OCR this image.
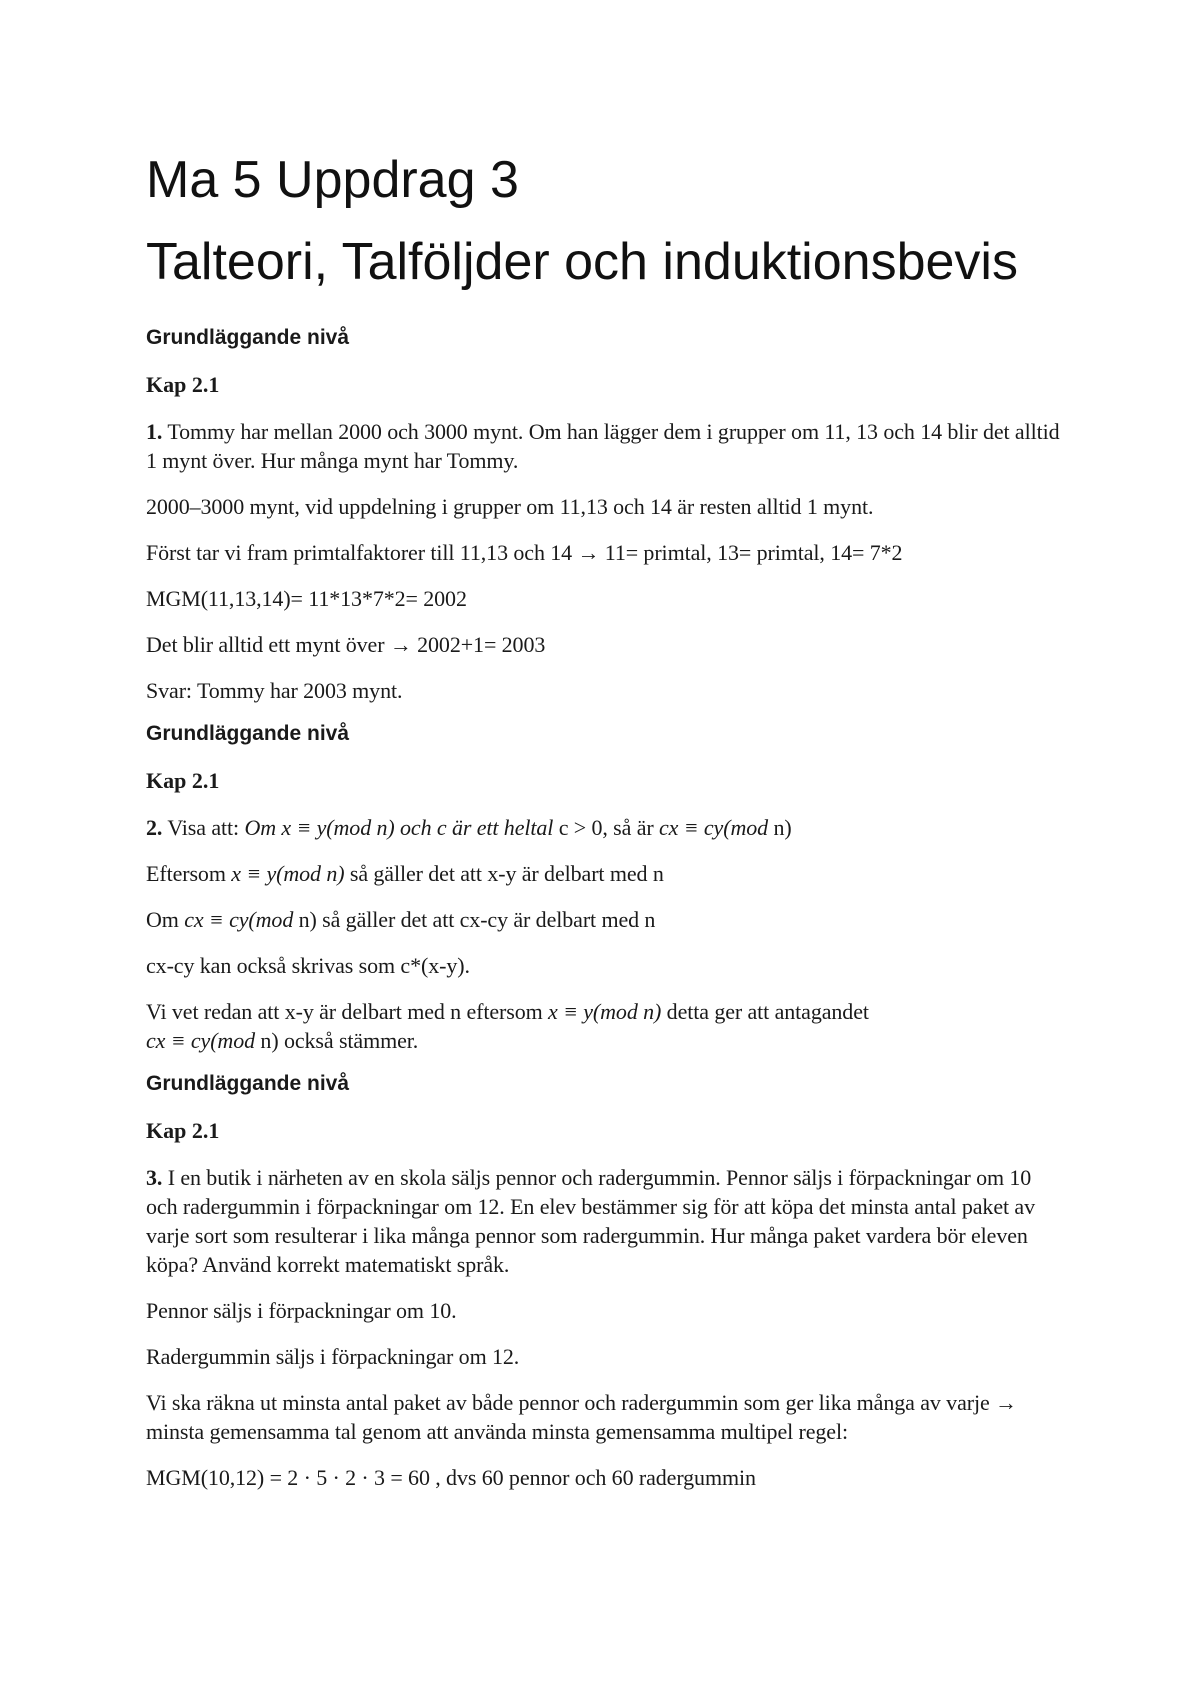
Ma 5 Uppdrag 3
Talteori, Talföljder och induktionsbevis
Grundläggande nivå
Kap 2.1
1. Tommy har mellan 2000 och 3000 mynt. Om han lägger dem i grupper om 11, 13 och 14 blir det alltid 1 mynt över. Hur många mynt har Tommy.
2000–3000 mynt, vid uppdelning i grupper om 11,13 och 14 är resten alltid 1 mynt.
Först tar vi fram primtalfaktorer till 11,13 och 14 → 11= primtal, 13= primtal, 14= 7*2
MGM(11,13,14)= 11*13*7*2= 2002
Det blir alltid ett mynt över → 2002+1= 2003
Svar: Tommy har 2003 mynt.
Grundläggande nivå
Kap 2.1
2. Visa att: Om x ≡ y(mod n) och c är ett heltal c > 0, så är cx ≡ cy(mod n)
Eftersom x ≡ y(mod n) så gäller det att x-y är delbart med n
Om cx ≡ cy(mod n) så gäller det att cx-cy är delbart med n
cx-cy kan också skrivas som c*(x-y).
Vi vet redan att x-y är delbart med n eftersom x ≡ y(mod n) detta ger att antagandet
cx ≡ cy(mod n) också stämmer.
Grundläggande nivå
Kap 2.1
3. I en butik i närheten av en skola säljs pennor och radergummin. Pennor säljs i förpackningar om 10 och radergummin i förpackningar om 12. En elev bestämmer sig för att köpa det minsta antal paket av varje sort som resulterar i lika många pennor som radergummin. Hur många paket vardera bör eleven köpa? Använd korrekt matematiskt språk.
Pennor säljs i förpackningar om 10.
Radergummin säljs i förpackningar om 12.
Vi ska räkna ut minsta antal paket av både pennor och radergummin som ger lika många av varje → minsta gemensamma tal genom att använda minsta gemensamma multipel regel:
MGM(10,12) = 2 · 5 · 2 · 3 = 60 , dvs 60 pennor och 60 radergummin
